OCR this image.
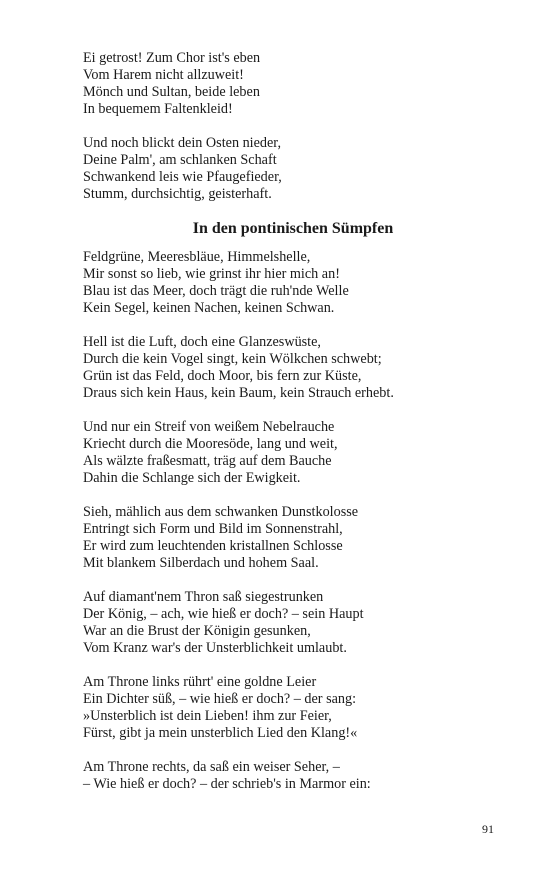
Ei getrost! Zum Chor ist's eben
Vom Harem nicht allzuweit!
Mönch und Sultan, beide leben
In bequemem Faltenkleid!
Und noch blickt dein Osten nieder,
Deine Palm', am schlanken Schaft
Schwankend leis wie Pfaugefieder,
Stumm, durchsichtig, geisterhaft.
In den pontinischen Sümpfen
Feldgrüne, Meeresbläue, Himmelshelle,
Mir sonst so lieb, wie grinst ihr hier mich an!
Blau ist das Meer, doch trägt die ruh'nde Welle
Kein Segel, keinen Nachen, keinen Schwan.
Hell ist die Luft, doch eine Glanzeswüste,
Durch die kein Vogel singt, kein Wölkchen schwebt;
Grün ist das Feld, doch Moor, bis fern zur Küste,
Draus sich kein Haus, kein Baum, kein Strauch erhebt.
Und nur ein Streif von weißem Nebelrauche
Kriecht durch die Mooresöde, lang und weit,
Als wälzte fraßesmatt, träg auf dem Bauche
Dahin die Schlange sich der Ewigkeit.
Sieh, mählich aus dem schwanken Dunstkolosse
Entringt sich Form und Bild im Sonnenstrahl,
Er wird zum leuchtenden kristallnen Schlosse
Mit blankem Silberdach und hohem Saal.
Auf diamant'nem Thron saß siegestrunken
Der König, – ach, wie hieß er doch? – sein Haupt
War an die Brust der Königin gesunken,
Vom Kranz war's der Unsterblichkeit umlaubt.
Am Throne links rührt' eine goldne Leier
Ein Dichter süß, – wie hieß er doch? – der sang:
»Unsterblich ist dein Lieben! ihm zur Feier,
Fürst, gibt ja mein unsterblich Lied den Klang!«
Am Throne rechts, da saß ein weiser Seher, –
– Wie hieß er doch? – der schrieb's in Marmor ein:
91
